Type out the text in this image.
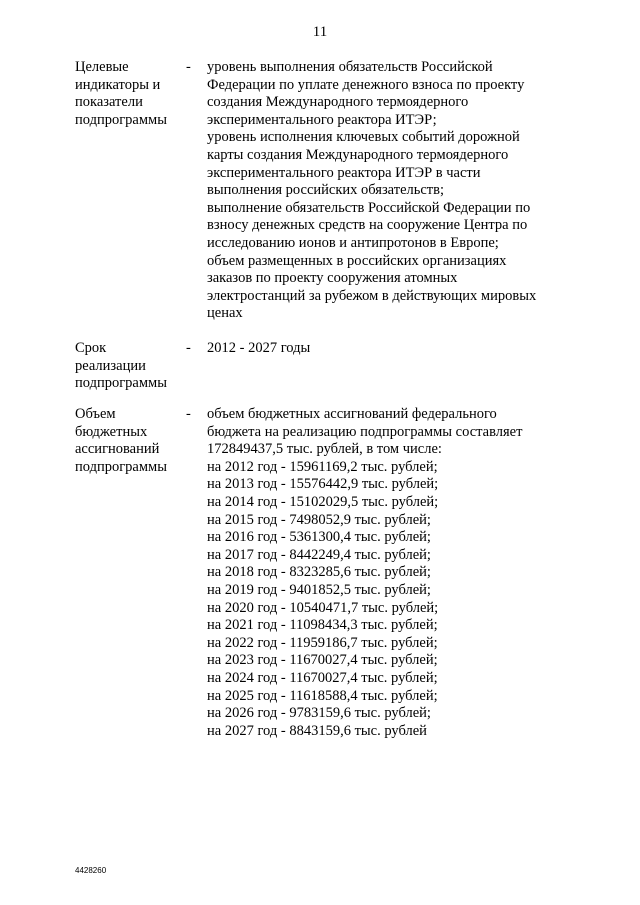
11
Целевые
индикаторы и
показатели
подпрограммы
- уровень выполнения обязательств Российской
Федерации по уплате денежного взноса по проекту
создания Международного термоядерного
экспериментального реактора ИТЭР;
уровень исполнения ключевых событий дорожной
карты создания Международного термоядерного
экспериментального реактора ИТЭР в части
выполнения российских обязательств;
выполнение обязательств Российской Федерации по
взносу денежных средств на сооружение Центра по
исследованию ионов и антипротонов в Европе;
объем размещенных в российских организациях
заказов по проекту сооружения атомных
электростанций за рубежом в действующих мировых
ценах
Срок
реализации
подпрограммы
- 2012 - 2027 годы
Объем
бюджетных
ассигнований
подпрограммы
- объем бюджетных ассигнований федерального
бюджета на реализацию подпрограммы составляет
172849437,5 тыс. рублей, в том числе:
на 2012 год - 15961169,2 тыс. рублей;
на 2013 год - 15576442,9 тыс. рублей;
на 2014 год - 15102029,5 тыс. рублей;
на 2015 год - 7498052,9 тыс. рублей;
на 2016 год - 5361300,4 тыс. рублей;
на 2017 год - 8442249,4 тыс. рублей;
на 2018 год - 8323285,6 тыс. рублей;
на 2019 год - 9401852,5 тыс. рублей;
на 2020 год - 10540471,7 тыс. рублей;
на 2021 год - 11098434,3 тыс. рублей;
на 2022 год - 11959186,7 тыс. рублей;
на 2023 год - 11670027,4 тыс. рублей;
на 2024 год - 11670027,4 тыс. рублей;
на 2025 год - 11618588,4 тыс. рублей;
на 2026 год - 9783159,6 тыс. рублей;
на 2027 год - 8843159,6 тыс. рублей
4428260
